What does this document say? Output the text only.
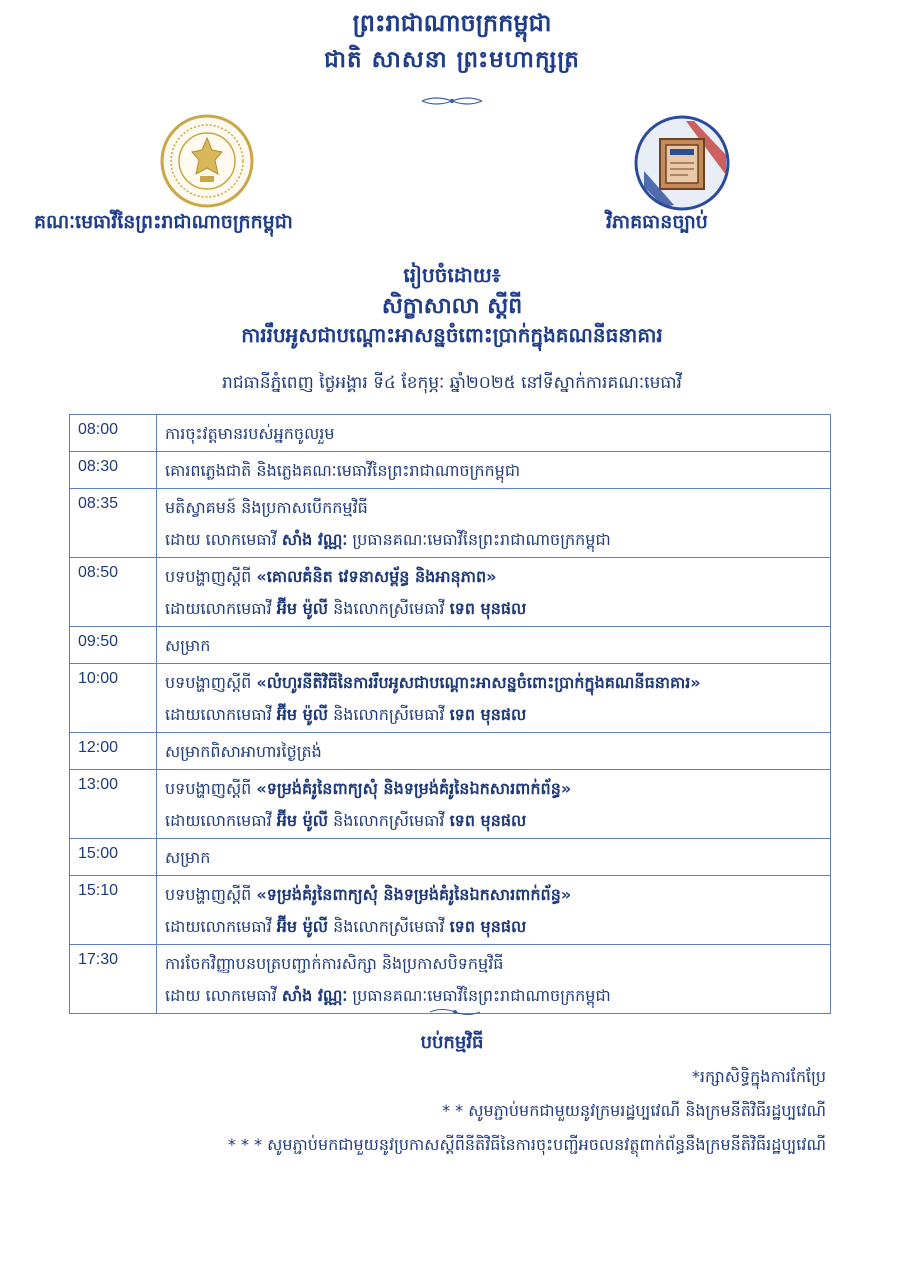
ព្រះរាជាណាចក្រកម្ពុជា
ជាតិ សាសនា ព្រះមហាក្សត្រ
គណៈមេធាវីនៃព្រះរាជាណាចក្រកម្ពុជា	វិភាគធានច្បាប់
រៀបចំដោយ៖
សិក្ខាសាលា ស្តីពី
ការរឹបអូសជាបណ្តោះអាសន្នចំពោះប្រាក់ក្នុងគណនីធនាគារ
រាជធានីភ្នំពេញ ថ្ងៃអង្គារ ទី៤ ខែកុម្ភៈ ឆ្នាំ២០២៥ នៅទីស្នាក់ការគណៈមេធាវី
08:00	ការចុះវត្តមានរបស់អ្នកចូលរួម

08:30	គោរពភ្លេងជាតិ និងភ្លេងគណៈមេធាវីនៃព្រះរាជាណាចក្រកម្ពុជា

08:35	មតិស្វាគមន៍ និងប្រកាសបើកកម្មវិធី
ដោយ លោកមេធាវី សាំង វណ្ណៈ ប្រធានគណៈមេធាវីនៃព្រះរាជាណាចក្រកម្ពុជា

08:50	បទបង្ហាញស្តីពី «គោលគំនិត វេទនាសម្ព័ន្ធ និងអានុភាព»
ដោយលោកមេធាវី អ៊ីម ម៉ូលី និងលោកស្រីមេធាវី ទេព មុនផល

09:50	សម្រាក

10:00	បទបង្ហាញស្តីពី «លំហូរនីតិវិធីនៃការរឹបអូសជាបណ្តោះអាសន្នចំពោះប្រាក់ក្នុងគណនីធនាគារ»
ដោយលោកមេធាវី អ៊ីម ម៉ូលី និងលោកស្រីមេធាវី ទេព មុនផល

12:00	សម្រាកពិសាអាហារថ្ងៃត្រង់

13:00	បទបង្ហាញស្តីពី «ទម្រង់គំរូនៃពាក្យសុំ និងទម្រង់គំរូនៃឯកសារពាក់ព័ន្ធ»
ដោយលោកមេធាវី អ៊ីម ម៉ូលី និងលោកស្រីមេធាវី ទេព មុនផល

15:00	សម្រាក

15:10	បទបង្ហាញស្តីពី «ទម្រង់គំរូនៃពាក្យសុំ និងទម្រង់គំរូនៃឯកសារពាក់ព័ន្ធ»
ដោយលោកមេធាវី អ៊ីម ម៉ូលី និងលោកស្រីមេធាវី ទេព មុនផល

17:30	ការចែកវិញ្ញាបនបត្របញ្ជាក់ការសិក្សា និងប្រកាសបិទកម្មវិធី
ដោយ លោកមេធាវី សាំង វណ្ណៈ ប្រធានគណៈមេធាវីនៃព្រះរាជាណាចក្រកម្ពុជា
បប់កម្មវិធី
*រក្សាសិទ្ធិក្នុងការកែប្រែ
* * សូមភ្ជាប់មកជាមួយនូវក្រមរដ្ឋប្បវេណី និងក្រមនីតិវិធីរដ្ឋប្បវេណី
* * * សូមភ្ជាប់មកជាមួយនូវប្រកាសស្តីពីនីតិវិធីនៃការចុះបញ្ជីអចលនវត្ថុពាក់ព័ន្ធនឹងក្រមនីតិវិធីរដ្ឋប្បវេណី
